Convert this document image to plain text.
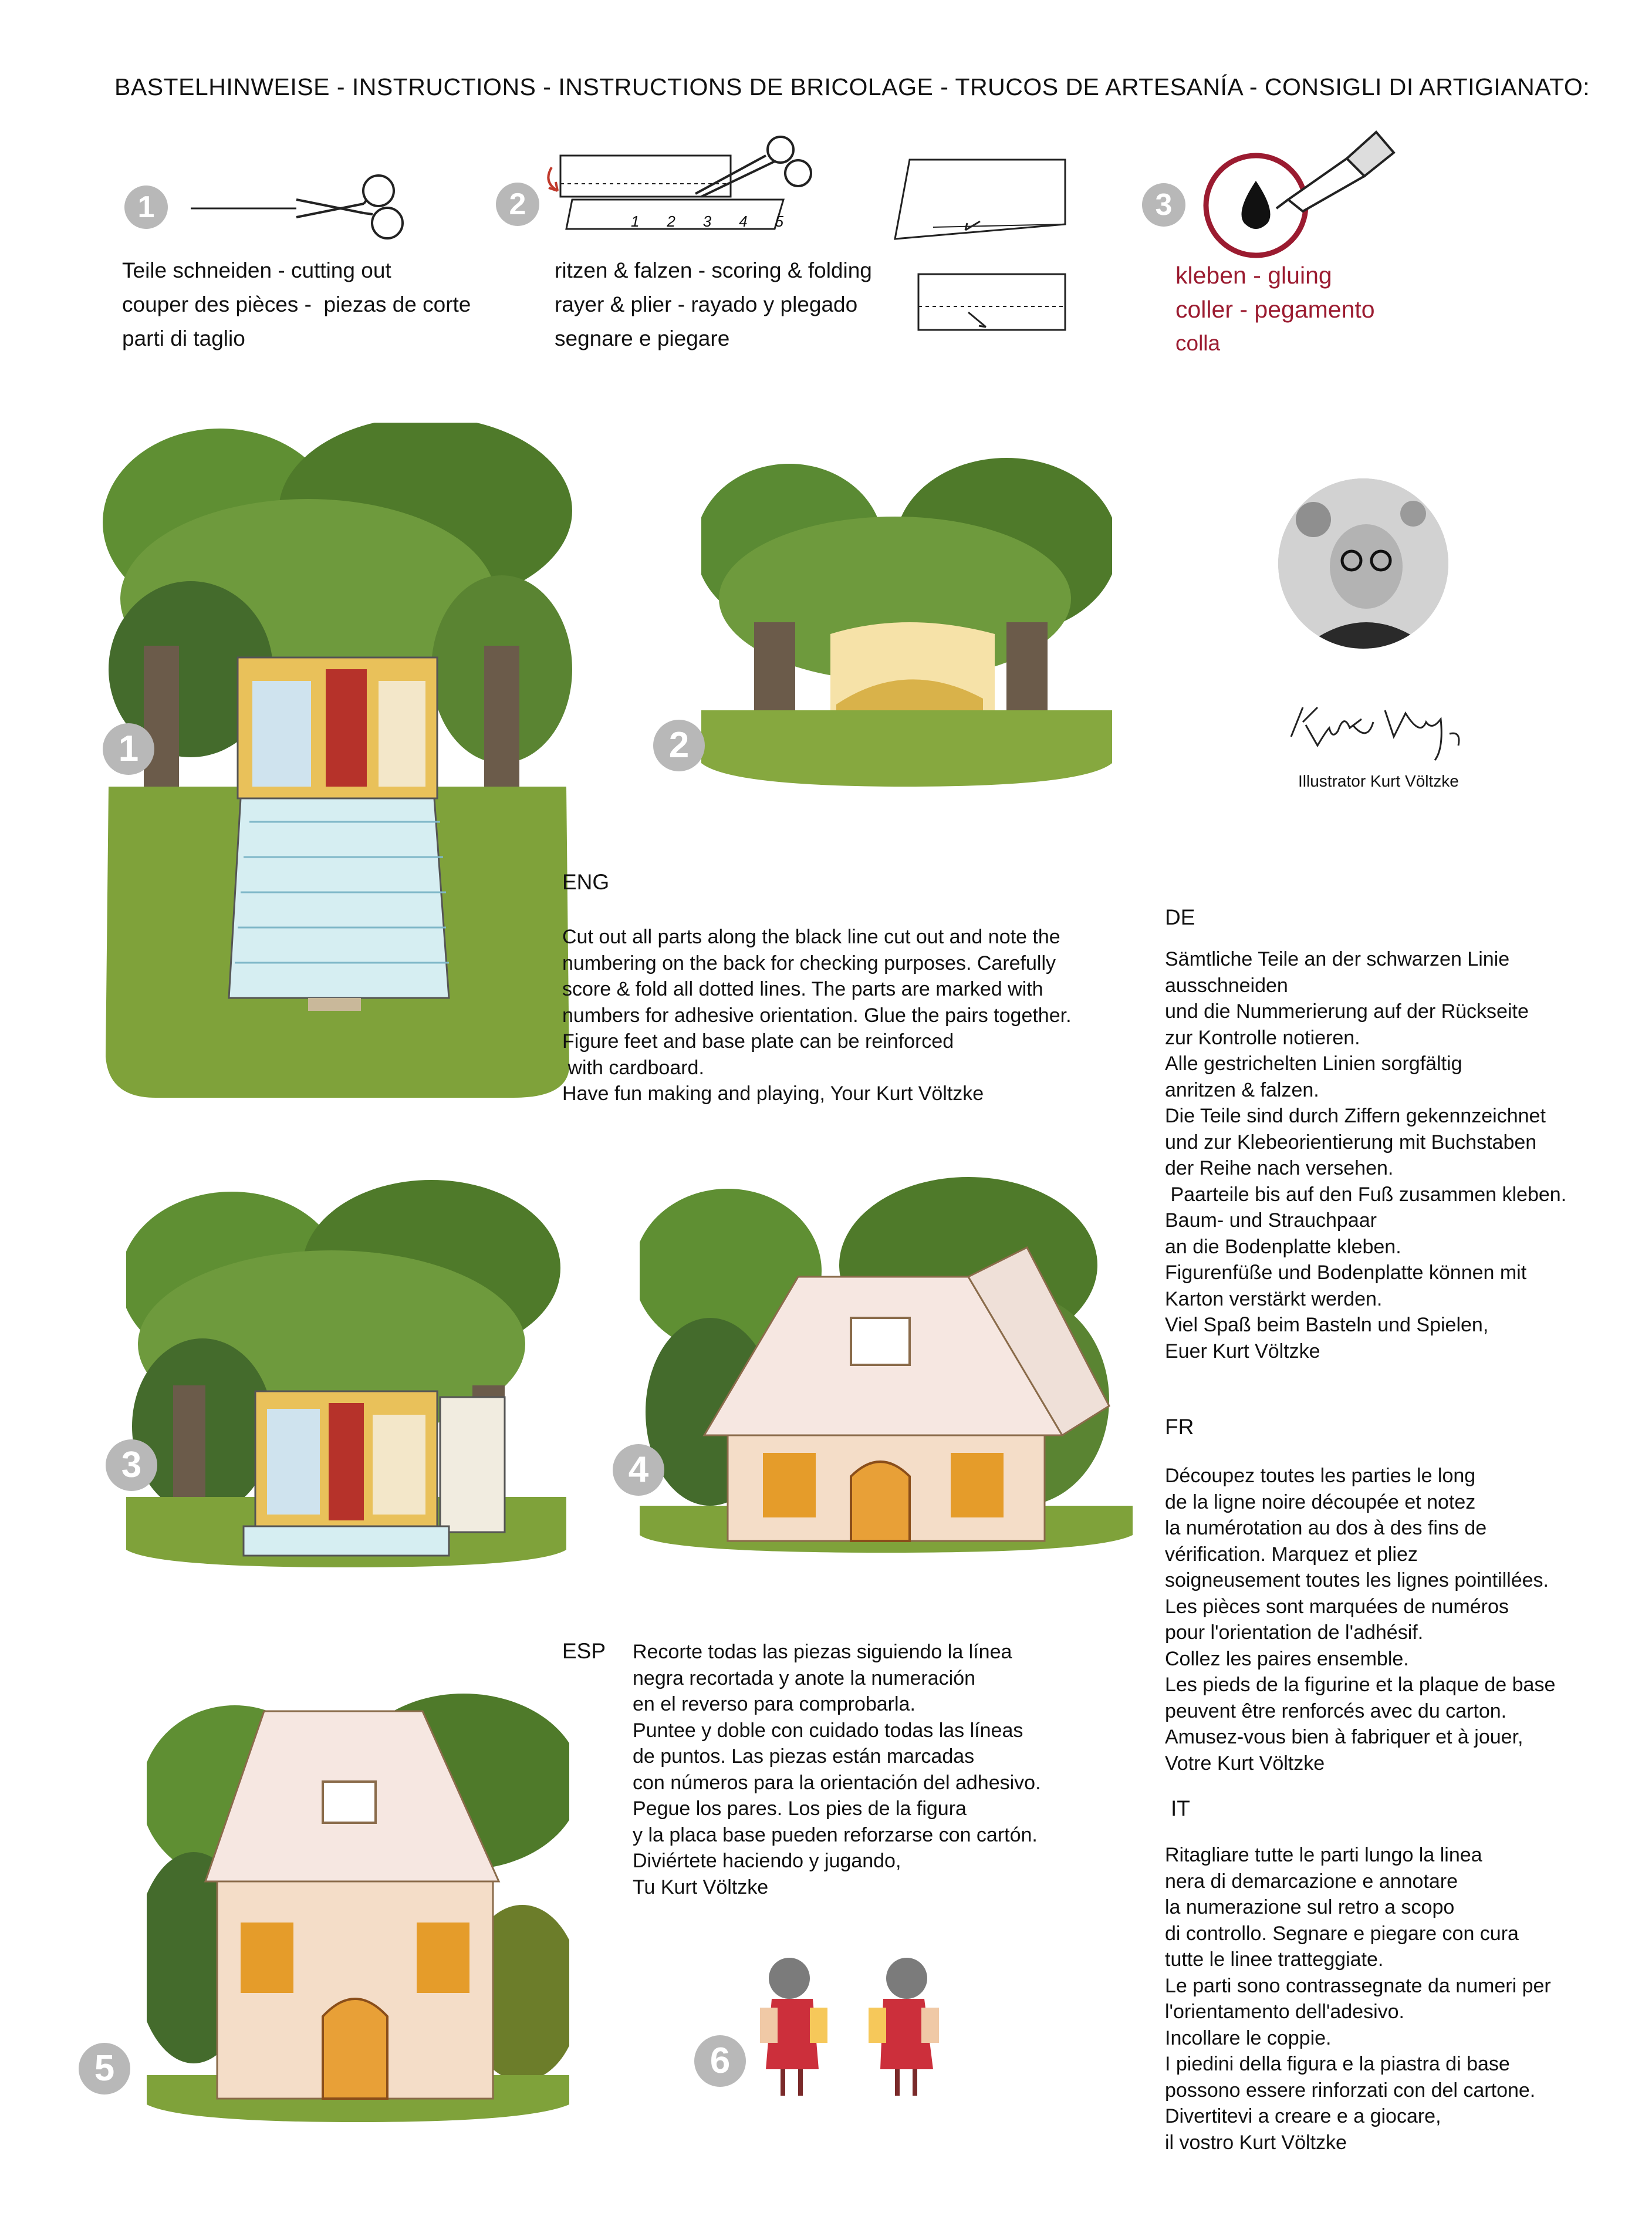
BASTELHINWEISE - INSTRUCTIONS - INSTRUCTIONS DE BRICOLAGE - TRUCOS DE ARTESANÍA - CONSIGLI DI ARTIGIANATO:
1
Teile schneiden - cutting out
couper des pièces -  piezas de corte
parti di taglio
2	1 2 3 4 5	3
kleben - gluing
coller - pegamento
colla
ritzen & falzen - scoring & folding
rayer & plier - rayado y plegado
segnare e piegare
1	2
Illustrator Kurt Völtzke
ENG
Cut out all parts along the black line cut out and note the
numbering on the back for checking purposes. Carefully
score & fold all dotted lines. The parts are marked with
numbers for adhesive orientation. Glue the pairs together.
Figure feet and base plate can be reinforced
with cardboard.
Have fun making and playing, Your Kurt Völtzke
DE
Sämtliche Teile an der schwarzen Linie
ausschneiden
und die Nummerierung auf der Rückseite
zur Kontrolle notieren.
Alle gestrichelten Linien sorgfältig
anritzen & falzen.
Die Teile sind durch Ziffern gekennzeichnet
und zur Klebeorientierung mit Buchstaben
der Reihe nach versehen.
Paarteile bis auf den Fuß zusammen kleben.
Baum- und Strauchpaar
an die Bodenplatte kleben.
Figurenfüße und Bodenplatte können mit
Karton verstärkt werden.
Viel Spaß beim Basteln und Spielen,
Euer Kurt Völtzke
FR
Découpez toutes les parties le long
de la ligne noire découpée et notez
la numérotation au dos à des fins de
vérification. Marquez et pliez
soigneusement toutes les lignes pointillées.
Les pièces sont marquées de numéros
pour l'orientation de l'adhésif.
Collez les paires ensemble.
Les pieds de la figurine et la plaque de base
peuvent être renforcés avec du carton.
Amusez-vous bien à fabriquer et à jouer,
Votre Kurt Völtzke
IT
Ritagliare tutte le parti lungo la linea
nera di demarcazione e annotare
la numerazione sul retro a scopo
di controllo. Segnare e piegare con cura
tutte le linee tratteggiate.
Le parti sono contrassegnate da numeri per
l'orientamento dell'adesivo.
Incollare le coppie.
I piedini della figura e la piastra di base
possono essere rinforzati con del cartone.
Divertitevi a creare e a giocare,
il vostro Kurt Völtzke
ESP Recorte todas las piezas siguiendo la línea
negra recortada y anote la numeración
en el reverso para comprobarla.
Puntee y doble con cuidado todas las líneas
de puntos. Las piezas están marcadas
con números para la orientación del adhesivo.
Pegue los pares. Los pies de la figura
y la placa base pueden reforzarse con cartón.
Diviértete haciendo y jugando,
Tu Kurt Völtzke
3	4
5	6
